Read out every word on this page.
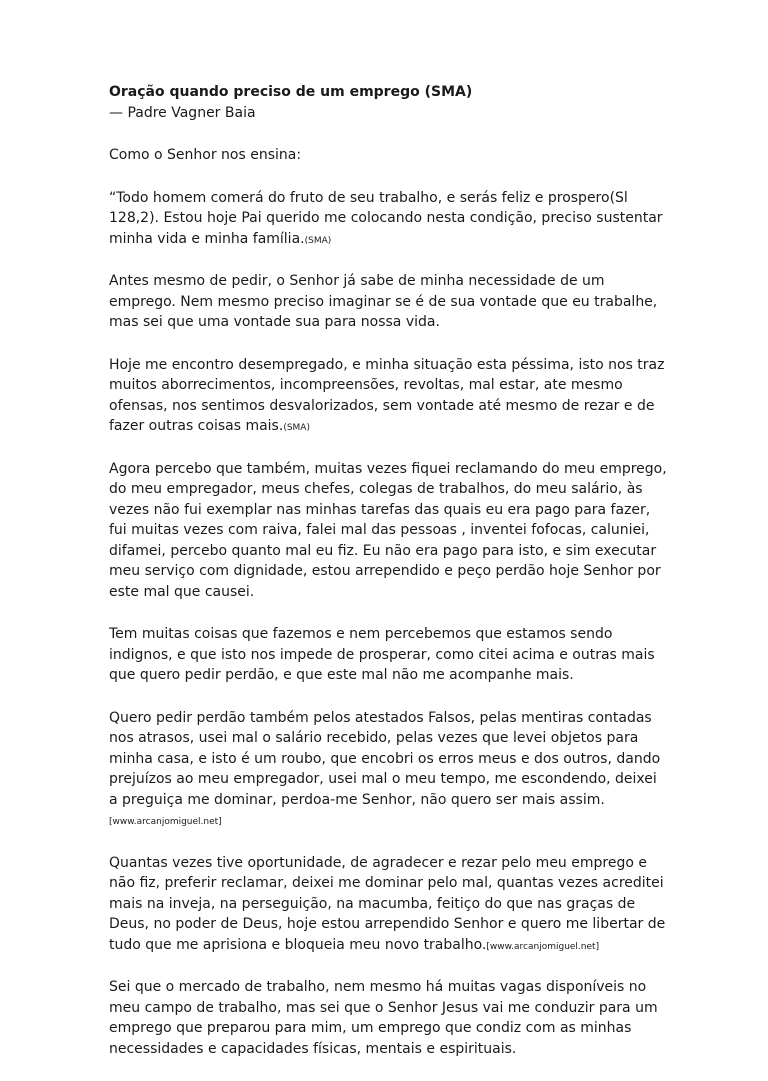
Oração quando preciso de um emprego (SMA)

— Padre Vagner Baia

Como o Senhor nos ensina:

“Todo homem comerá do fruto de seu trabalho, e serás feliz e prospero(Sl 128,2). Estou hoje Pai querido me colocando nesta condição, preciso sustentar minha vida e minha família.(SMA)

Antes mesmo de pedir, o Senhor já sabe de minha necessidade de um emprego. Nem mesmo preciso imaginar se é de sua vontade que eu trabalhe, mas sei que uma vontade sua para nossa vida.

Hoje me encontro desempregado, e minha situação esta péssima, isto nos traz muitos aborrecimentos, incompreensões, revoltas, mal estar, ate mesmo ofensas, nos sentimos desvalorizados, sem vontade até mesmo de rezar e de fazer outras coisas mais.(SMA)

Agora percebo que também, muitas vezes fiquei reclamando do meu emprego, do meu empregador, meus chefes, colegas de trabalhos, do meu salário, às vezes não fui exemplar nas minhas tarefas das quais eu era pago para fazer, fui muitas vezes com raiva, falei mal das pessoas , inventei fofocas, caluniei, difamei, percebo quanto mal eu fiz. Eu não era pago para isto, e sim executar meu serviço com dignidade, estou arrependido e peço perdão hoje Senhor por este mal que causei.

Tem muitas coisas que fazemos e nem percebemos que estamos sendo indignos, e que isto nos impede de prosperar, como citei acima e outras mais que quero pedir perdão, e que este mal não me acompanhe mais.

Quero pedir perdão também pelos atestados Falsos, pelas mentiras contadas nos atrasos, usei mal o salário recebido, pelas vezes que levei objetos para minha casa, e isto é um roubo, que encobri os erros meus e dos outros, dando prejuízos ao meu empregador, usei mal o meu tempo, me escondendo, deixei a preguiça me dominar, perdoa-me Senhor, não quero ser mais assim.[www.arcanjomiguel.net]

Quantas vezes tive oportunidade, de agradecer e rezar pelo meu emprego e não fiz, preferir reclamar, deixei me dominar pelo mal, quantas vezes acreditei mais na inveja, na perseguição, na macumba, feitiço do que nas graças de Deus, no poder de Deus, hoje estou arrependido Senhor e quero me libertar de tudo que me aprisiona e bloqueia meu novo trabalho.[www.arcanjomiguel.net]

Sei que o mercado de trabalho, nem mesmo há muitas vagas disponíveis no meu campo de trabalho, mas sei que o Senhor Jesus vai me conduzir para um emprego que preparou para mim, um emprego que condiz com as minhas necessidades e capacidades físicas, mentais e espirituais.
